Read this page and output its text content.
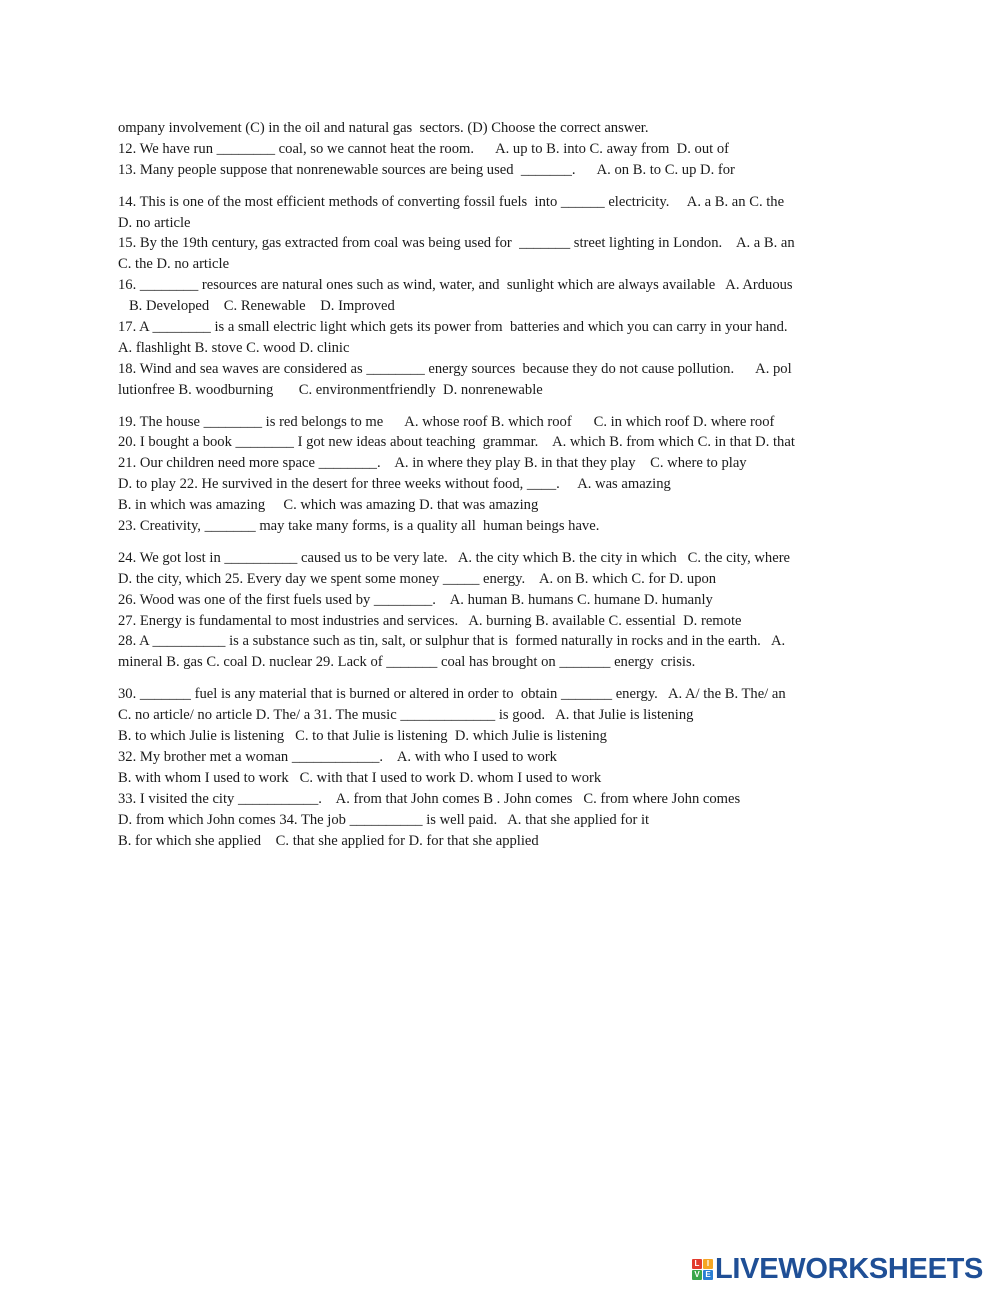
ompany involvement (C) in the oil and natural gas  sectors. (D) Choose the correct answer.
12. We have run ________ coal, so we cannot heat the room.      A. up to B. into C. away from  D. out of
13. Many people suppose that nonrenewable sources are being used  _______.      A. on B. to C. up D. for
14. This is one of the most efficient methods of converting fossil fuels  into ______ electricity.     A. a B. an C. the
D. no article
15. By the 19th century, gas extracted from coal was being used for  _______ street lighting in London.    A. a B. an
C. the D. no article
16. ________ resources are natural ones such as wind, water, and  sunlight which are always available   A. Arduous
B. Developed    C. Renewable    D. Improved
17. A ________ is a small electric light which gets its power from  batteries and which you can carry in your hand.
A. flashlight B. stove C. wood D. clinic
18. Wind and sea waves are considered as ________ energy sources  because they do not cause pollution.      A. pol
lutionfree B. woodburning       C. environmentfriendly  D. nonrenewable
19. The house ________ is red belongs to me      A. whose roof B. which roof      C. in which roof D. where roof
20. I bought a book ________ I got new ideas about teaching  grammar.    A. which B. from which C. in that D. that
21. Our children need more space ________.    A. in where they play B. in that they play    C. where to play
D. to play 22. He survived in the desert for three weeks without food, ____.     A. was amazing
B. in which was amazing     C. which was amazing D. that was amazing
23. Creativity, _______ may take many forms, is a quality all  human beings have.
24. We got lost in __________ caused us to be very late.   A. the city which B. the city in which   C. the city, where
D. the city, which 25. Every day we spent some money _____ energy.    A. on B. which C. for D. upon
26. Wood was one of the first fuels used by ________.    A. human B. humans C. humane D. humanly
27. Energy is fundamental to most industries and services.   A. burning B. available C. essential  D. remote
28. A __________ is a substance such as tin, salt, or sulphur that is  formed naturally in rocks and in the earth.   A.
mineral B. gas C. coal D. nuclear 29. Lack of _______ coal has brought on _______ energy  crisis.
30. _______ fuel is any material that is burned or altered in order to  obtain _______ energy.   A. A/ the B. The/ an
C. no article/ no article D. The/ a 31. The music _____________ is good.   A. that Julie is listening
B. to which Julie is listening   C. to that Julie is listening  D. which Julie is listening
32. My brother met a woman ____________.    A. with who I used to work
B. with whom I used to work   C. with that I used to work D. whom I used to work
33. I visited the city ___________.    A. from that John comes B . John comes   C. from where John comes
D. from which John comes 34. The job __________ is well paid.   A. that she applied for it
B. for which she applied    C. that she applied for D. for that she applied
L I
V E LIVEWORKSHEETS
